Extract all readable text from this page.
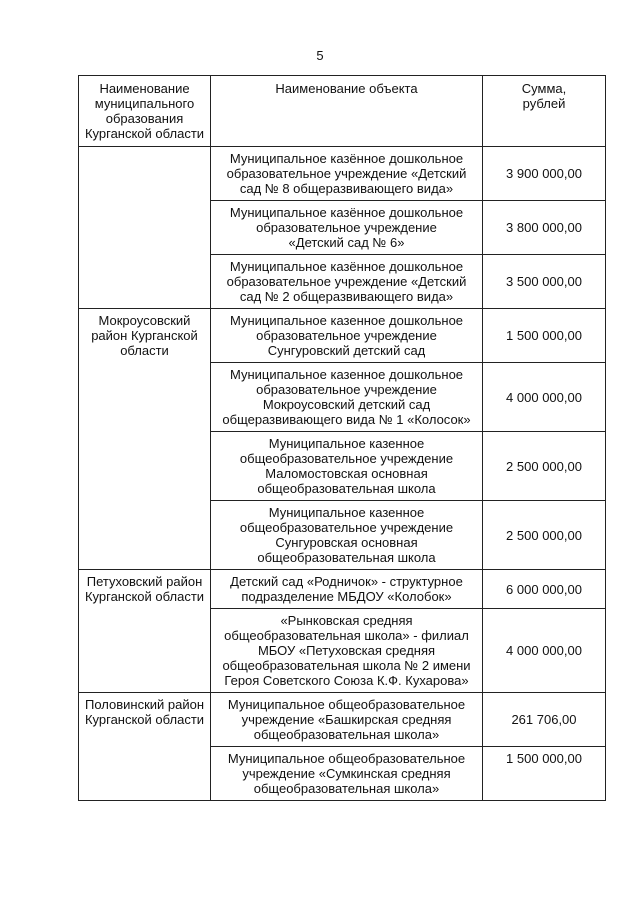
5
Наименование
муниципального
образования
Курганской области	Наименование объекта	Сумма,
рублей
	Муниципальное казённое дошкольное
образовательное учреждение «Детский
сад № 8 общеразвивающего вида»	3 900 000,00
	Муниципальное казённое дошкольное
образовательное учреждение
«Детский сад № 6»	3 800 000,00
	Муниципальное казённое дошкольное
образовательное учреждение «Детский
сад № 2 общеразвивающего вида»	3 500 000,00
Мокроусовский
район Курганской
области	Муниципальное казенное дошкольное
образовательное учреждение
Сунгуровский детский сад	1 500 000,00
	Муниципальное казенное дошкольное
образовательное учреждение
Мокроусовский детский сад
общеразвивающего вида № 1 «Колосок»	4 000 000,00
	Муниципальное казенное
общеобразовательное учреждение
Маломостовская основная
общеобразовательная школа	2 500 000,00
	Муниципальное казенное
общеобразовательное учреждение
Сунгуровская основная
общеобразовательная школа	2 500 000,00
Петуховский район
Курганской области	Детский сад «Родничок» - структурное
подразделение МБДОУ «Колобок»	6 000 000,00
	«Рынковская средняя
общеобразовательная школа» - филиал
МБОУ «Петуховская средняя
общеобразовательная школа № 2 имени
Героя Советского Союза К.Ф. Кухарова»	4 000 000,00
Половинский район
Курганской области	Муниципальное общеобразовательное
учреждение «Башкирская средняя
общеобразовательная школа»	261 706,00
	Муниципальное общеобразовательное
учреждение «Сумкинская средняя
общеобразовательная школа»	1 500 000,00
